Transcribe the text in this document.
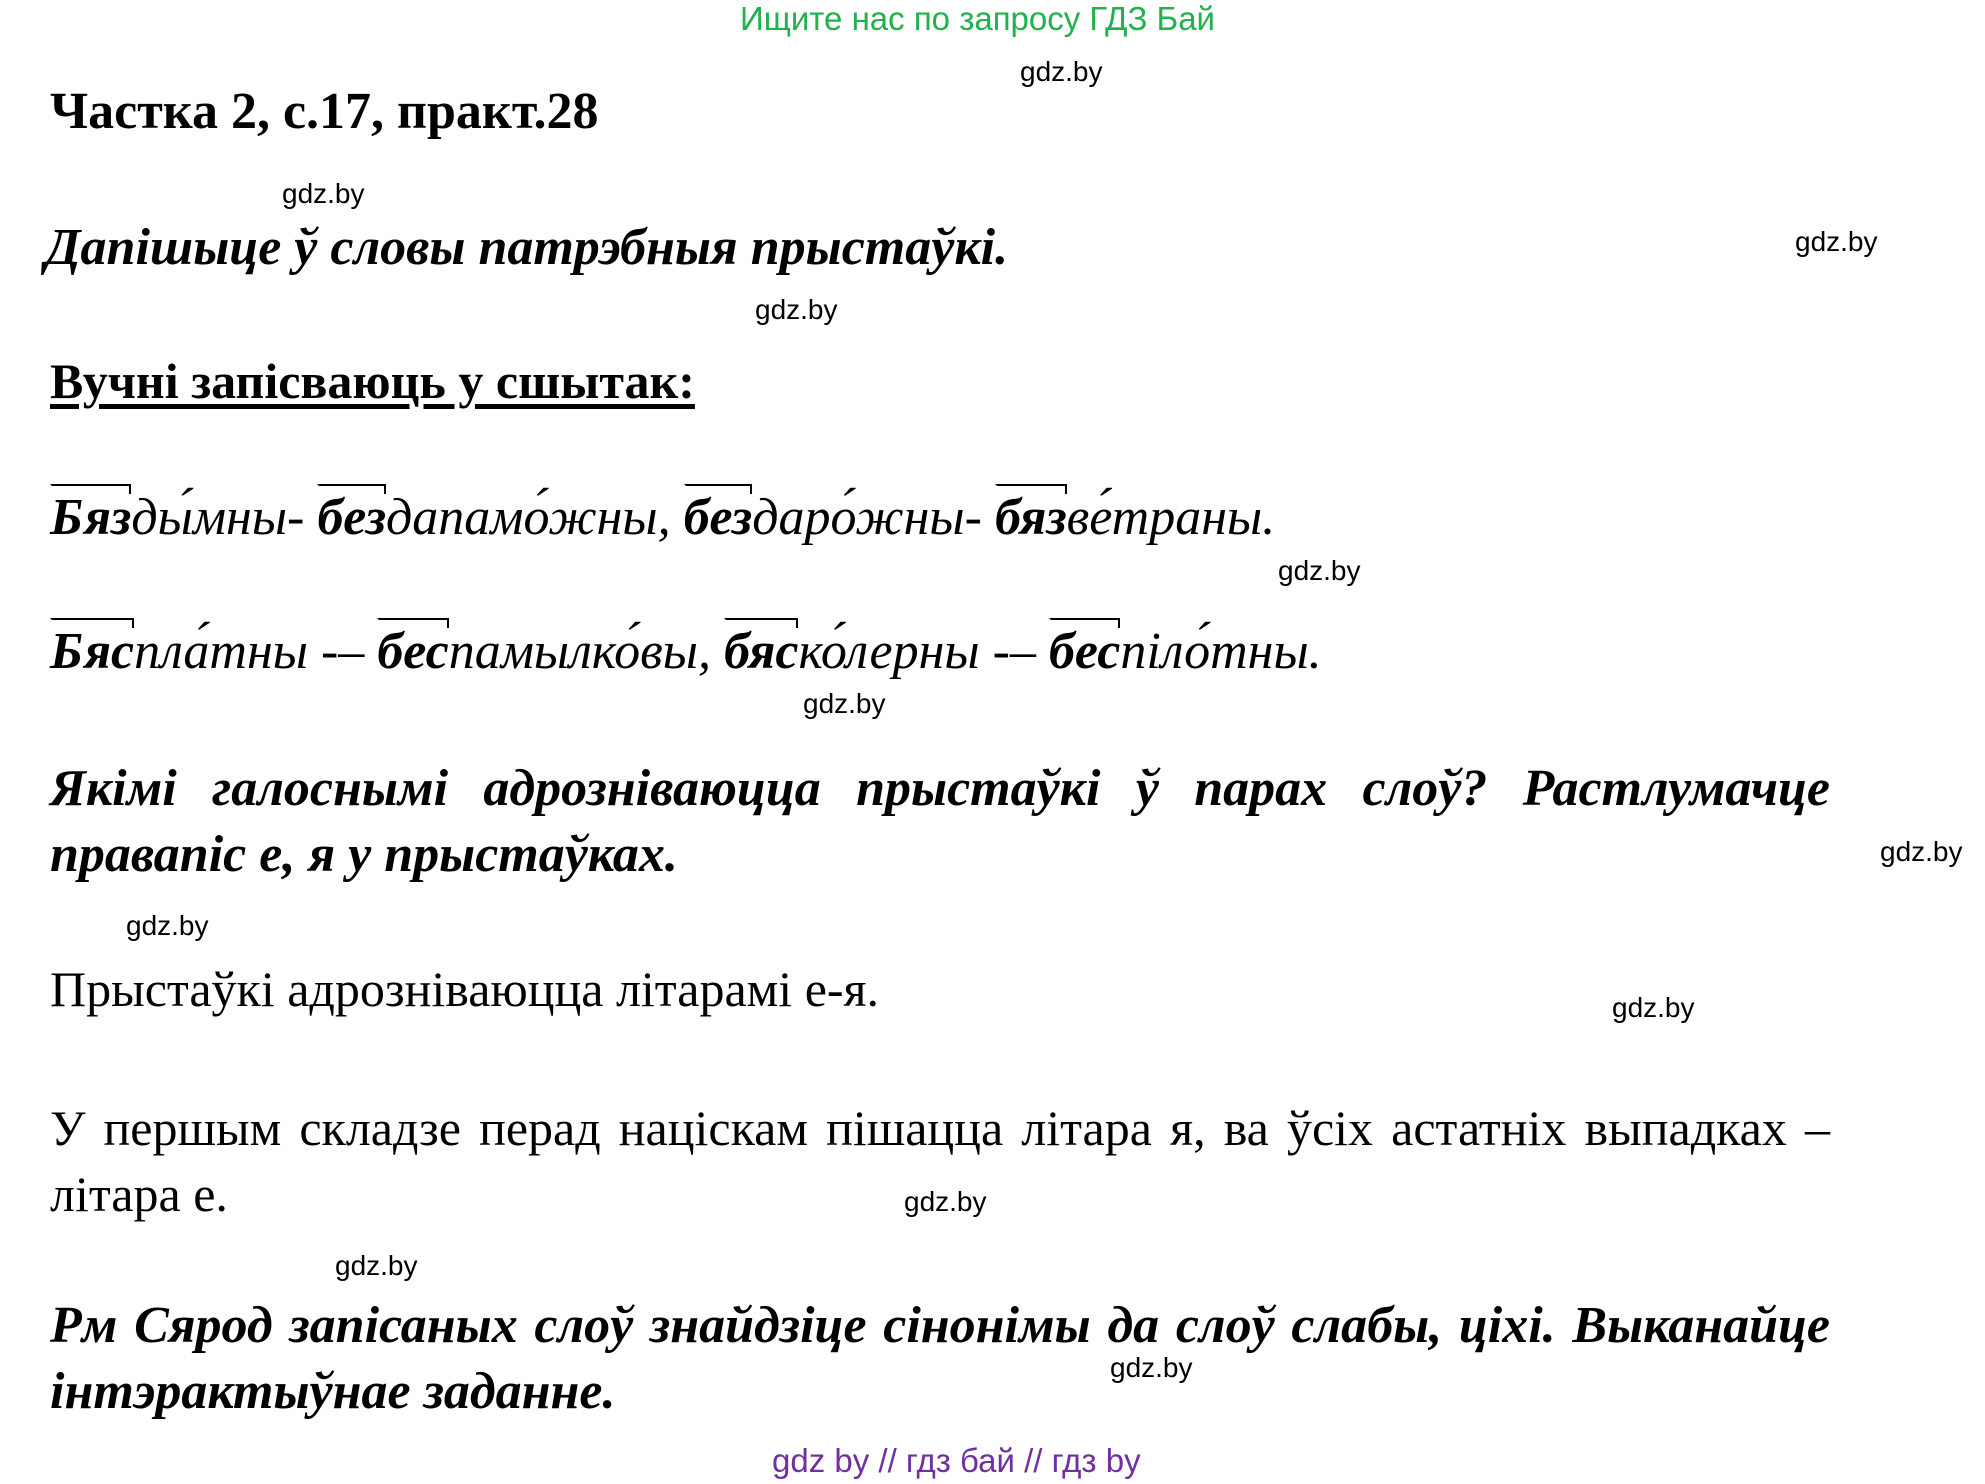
Ищите нас по запросу ГДЗ Бай
Частка 2, с.17, практ.28
Дапішыце ў словы патрэбныя прыстаўкі.
Вучні запісваюць у сшытак:
Бязды́мны- бездапамо́жны, бездаро́жны- бязве́траны.
Бяспла́тны -– беспамылко́вы, бяско́лерны -– беспіло́тны.
Якімі галоснымі адрозніваюцца прыстаўкі ў парах слоў? Растлумачце правапіс е, я у прыстаўках.
Прыстаўкі адрозніваюцца літарамі е-я.
У першым складзе перад націскам пішацца літара я, ва ўсіх астатніх выпадках – літара е.
Рм Сярод запісаных слоў знайдзіце сінонімы да слоў слабы, ціхі. Выканайце інтэрактыўнае заданне.
gdz.by
gdz.by
gdz.by
gdz.by
gdz.by
gdz.by
gdz.by
gdz.by
gdz.by
gdz.by
gdz.by
gdz.by
gdz by // гдз бай // гдз by
